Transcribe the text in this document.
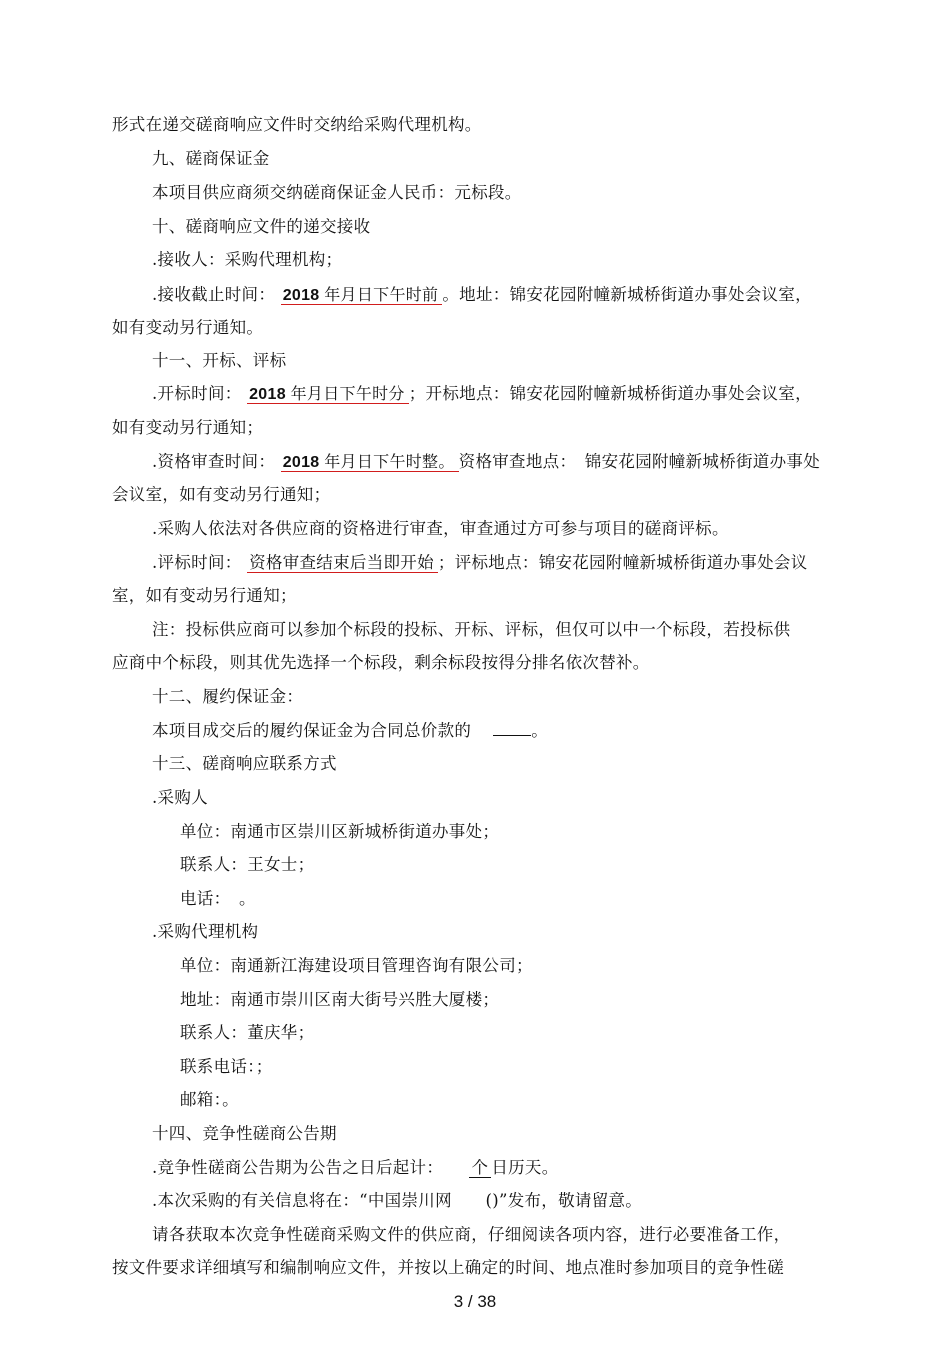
形式在递交磋商响应文件时交纳给采购代理机构。
九、磋商保证金
本项目供应商须交纳磋商保证金人民币：元标段。
十、磋商响应文件的递交接收
.接收人：采购代理机构；
.接收截止时间： 2018 年月日下午时前 。地址：锦安花园附幢新城桥街道办事处会议室，
如有变动另行通知。
十一、开标、评标
.开标时间： 2018 年月日下午时分 ；开标地点：锦安花园附幢新城桥街道办事处会议室，
如有变动另行通知；
.资格审查时间： 2018 年月日下午时整。 资格审查地点：　锦安花园附幢新城桥街道办事处
会议室，如有变动另行通知；
.采购人依法对各供应商的资格进行审查，审查通过方可参与项目的磋商评标。
.评标时间： 资格审查结束后当即开始 ；评标地点：锦安花园附幢新城桥街道办事处会议
室，如有变动另行通知；
注：投标供应商可以参加个标段的投标、开标、评标，但仅可以中一个标段，若投标供
应商中个标段，则其优先选择一个标段，剩余标段按得分排名依次替补。
十二、履约保证金：
本项目成交后的履约保证金为合同总价款的	。
十三、磋商响应联系方式
.采购人
单位：南通市区崇川区新城桥街道办事处；
联系人：王女士；
电话：　。
.采购代理机构
单位：南通新江海建设项目管理咨询有限公司；
地址：南通市崇川区南大街号兴胜大厦楼；
联系人：董庆华；
联系电话：；
邮箱：。
十四、竞争性磋商公告期
.竞争性磋商公告期为公告之日后起计：　　个 日历天。
.本次采购的有关信息将在：“中国崇川网　　()”发布，敬请留意。
请各获取本次竞争性磋商采购文件的供应商，仔细阅读各项内容，进行必要准备工作，
按文件要求详细填写和编制响应文件，并按以上确定的时间、地点准时参加项目的竞争性磋
3 / 38
